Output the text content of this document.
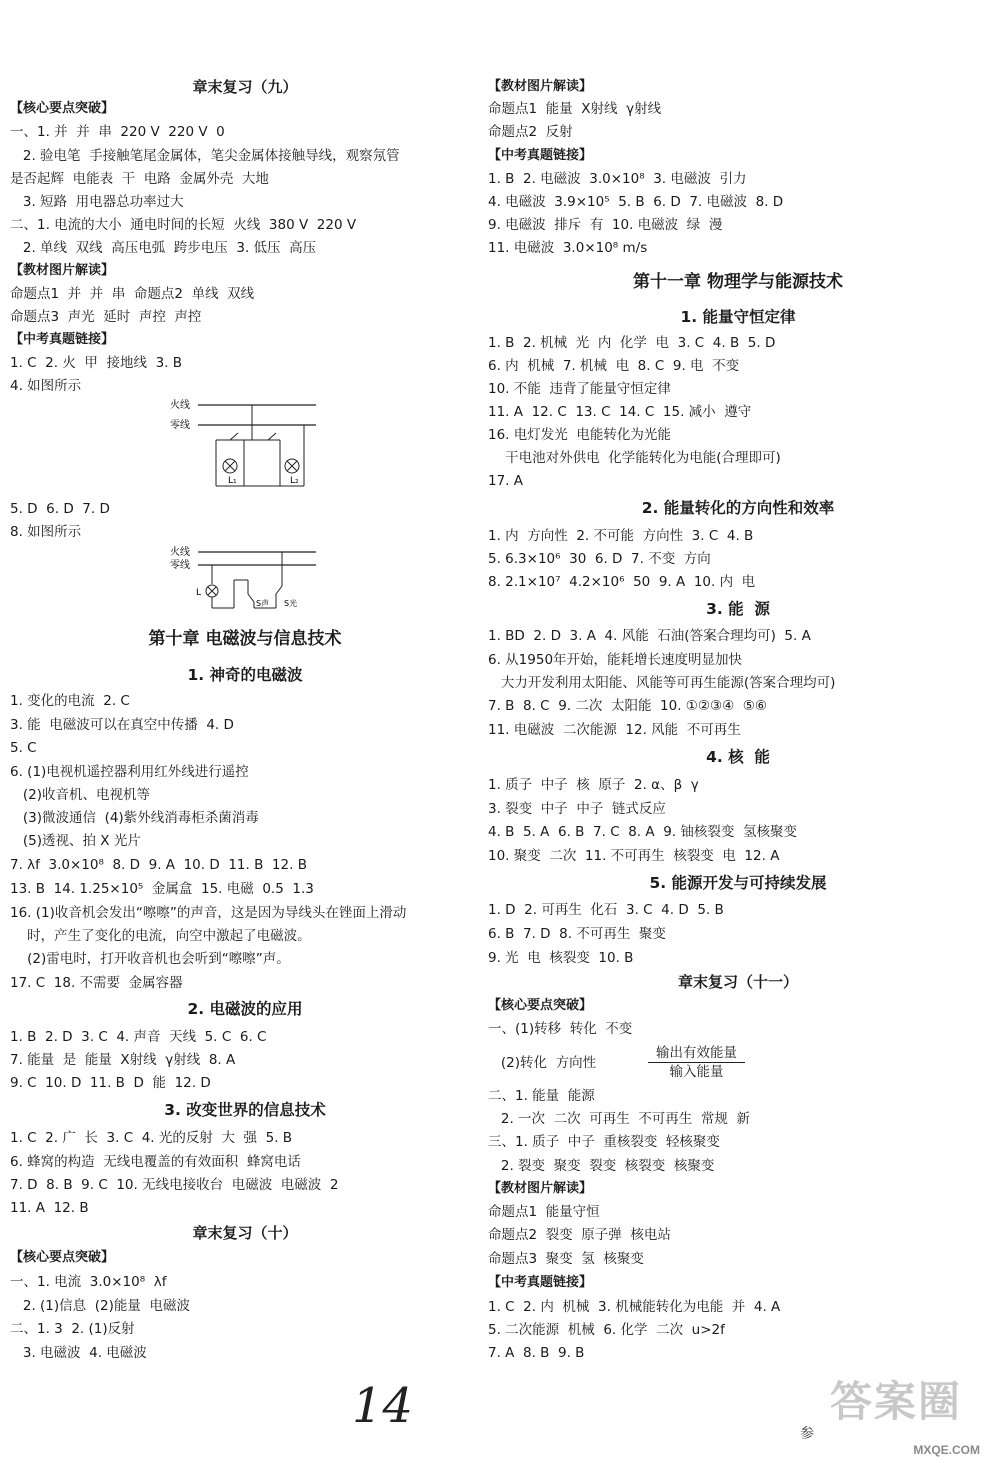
章末复习（九）
【核心要点突破】
一、1. 并  并  串  220 V  220 V  0
2. 验电笔  手接触笔尾金属体，笔尖金属体接触导线，观察氖管
是否起辉  电能表  干  电路  金属外壳  大地
3. 短路  用电器总功率过大
二、1. 电流的大小  通电时间的长短  火线  380 V  220 V
2. 单线  双线  高压电弧  跨步电压  3. 低压  高压
【教材图片解读】
命题点1  并  并  串  命题点2  单线  双线
命题点3  声光  延时  声控  声控
【中考真题链接】
1. C  2. 火  甲  接地线  3. B
4. 如图所示
火线
零线
L₁	L₂
5. D  6. D  7. D
8. 如图所示
火线
零线
L
S声 S光
第十章 电磁波与信息技术
1. 神奇的电磁波
1. 变化的电流  2. C
3. 能  电磁波可以在真空中传播  4. D
5. C
6. (1)电视机遥控器利用红外线进行遥控
(2)收音机、电视机等
(3)微波通信  (4)紫外线消毒柜杀菌消毒
(5)透视、拍 X 光片
7. λf  3.0×10⁸  8. D  9. A  10. D  11. B  12. B
13. B  14. 1.25×10⁵  金属盒  15. 电磁  0.5  1.3
16. (1)收音机会发出“嚓嚓”的声音，这是因为导线头在锉面上滑动
时，产生了变化的电流，向空中激起了电磁波。
(2)雷电时，打开收音机也会听到“嚓嚓”声。
17. C  18. 不需要  金属容器
2. 电磁波的应用
1. B  2. D  3. C  4. 声音  天线  5. C  6. C
7. 能量  是  能量  X射线  γ射线  8. A
9. C  10. D  11. B  D  能  12. D
3. 改变世界的信息技术
1. C  2. 广  长  3. C  4. 光的反射  大  强  5. B
6. 蜂窝的构造  无线电覆盖的有效面积  蜂窝电话
7. D  8. B  9. C  10. 无线电接收台  电磁波  电磁波  2
11. A  12. B
章末复习（十）
【核心要点突破】
一、1. 电流  3.0×10⁸  λf
2. (1)信息  (2)能量  电磁波
二、1. 3  2. (1)反射
3. 电磁波  4. 电磁波
【教材图片解读】
命题点1  能量  X射线  γ射线
命题点2  反射
【中考真题链接】
1. B  2. 电磁波  3.0×10⁸  3. 电磁波  引力
4. 电磁波  3.9×10⁵  5. B  6. D  7. 电磁波  8. D
9. 电磁波  排斥  有  10. 电磁波  绿  漫
11. 电磁波  3.0×10⁸ m/s
第十一章 物理学与能源技术
1. 能量守恒定律
1. B  2. 机械  光  内  化学  电  3. C  4. B  5. D
6. 内  机械  7. 机械  电  8. C  9. 电  不变
10. 不能  违背了能量守恒定律
11. A  12. C  13. C  14. C  15. 减小  遵守
16. 电灯发光  电能转化为光能
干电池对外供电  化学能转化为电能(合理即可)
17. A
2. 能量转化的方向性和效率
1. 内  方向性  2. 不可能  方向性  3. C  4. B
5. 6.3×10⁶  30  6. D  7. 不变  方向
8. 2.1×10⁷  4.2×10⁶  50  9. A  10. 内  电
3. 能  源
1. BD  2. D  3. A  4. 风能  石油(答案合理均可)  5. A
6. 从1950年开始，能耗增长速度明显加快
大力开发利用太阳能、风能等可再生能源(答案合理均可)
7. B  8. C  9. 二次  太阳能  10. ①②③④  ⑤⑥
11. 电磁波  二次能源  12. 风能  不可再生
4. 核  能
1. 质子  中子  核  原子  2. α、β  γ
3. 裂变  中子  中子  链式反应
4. B  5. A  6. B  7. C  8. A  9. 铀核裂变  氢核聚变
10. 聚变  二次  11. 不可再生  核裂变  电  12. A
5. 能源开发与可持续发展
1. D  2. 可再生  化石  3. C  4. D  5. B
6. B  7. D  8. 不可再生  聚变
9. 光  电  核裂变  10. B
章末复习（十一）
【核心要点突破】
一、(1)转移  转化  不变
(2)转化  方向性
输出有效能量
输入能量
二、1. 能量  能源
2. 一次  二次  可再生  不可再生  常规  新
三、1. 质子  中子  重核裂变  轻核聚变
2. 裂变  聚变  裂变  核裂变  核聚变
【教材图片解读】
命题点1  能量守恒
命题点2  裂变  原子弹  核电站
命题点3  聚变  氢  核聚变
【中考真题链接】
1. C  2. 内  机械  3. 机械能转化为电能  并  4. A
5. 二次能源  机械  6. 化学  二次  u>2f
7. A  8. B  9. B
14	参
答案圈
MXQE.COM
